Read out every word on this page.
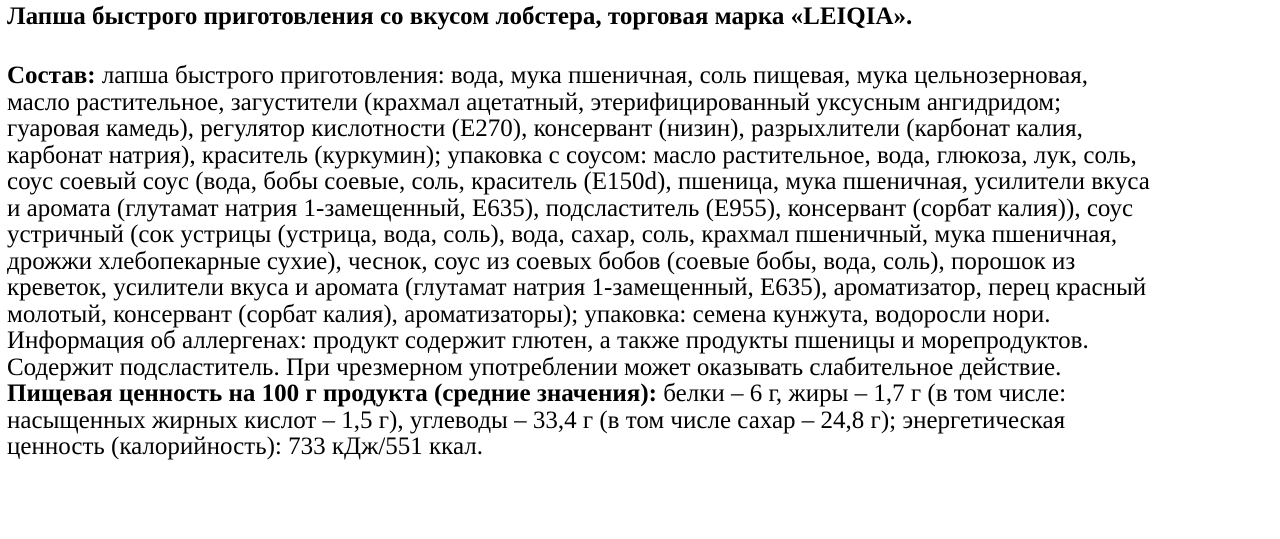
Лапша быстрого приготовления со вкусом лобстера, торговая марка «LEIQIA».
Состав: лапша быстрого приготовления: вода, мука пшеничная, соль пищевая, мука цельнозерновая,
масло растительное, загустители (крахмал ацетатный, этерифицированный уксусным ангидридом;
гуаровая камедь), регулятор кислотности (Е270), консервант (низин), разрыхлители (карбонат калия,
карбонат натрия), краситель (куркумин); упаковка с соусом: масло растительное, вода, глюкоза, лук, соль,
соус соевый соус (вода, бобы соевые, соль, краситель (Е150d), пшеница, мука пшеничная, усилители вкуса
и аромата (глутамат натрия 1-замещенный, Е635), подсластитель (Е955), консервант (сорбат калия)), соус
устричный (сок устрицы (устрица, вода, соль), вода, сахар, соль, крахмал пшеничный, мука пшеничная,
дрожжи хлебопекарные сухие), чеснок, соус из соевых бобов (соевые бобы, вода, соль), порошок из
креветок, усилители вкуса и аромата (глутамат натрия 1-замещенный, Е635), ароматизатор, перец красный
молотый, консервант (сорбат калия), ароматизаторы); упаковка: семена кунжута, водоросли нори.
Информация об аллергенах: продукт содержит глютен, а также продукты пшеницы и морепродуктов.
Содержит подсластитель. При чрезмерном употреблении может оказывать слабительное действие.
Пищевая ценность на 100 г продукта (средние значения): белки – 6 г, жиры – 1,7 г (в том числе:
насыщенных жирных кислот – 1,5 г), углеводы – 33,4 г (в том числе сахар – 24,8 г); энергетическая
ценность (калорийность): 733 кДж/551 ккал.
